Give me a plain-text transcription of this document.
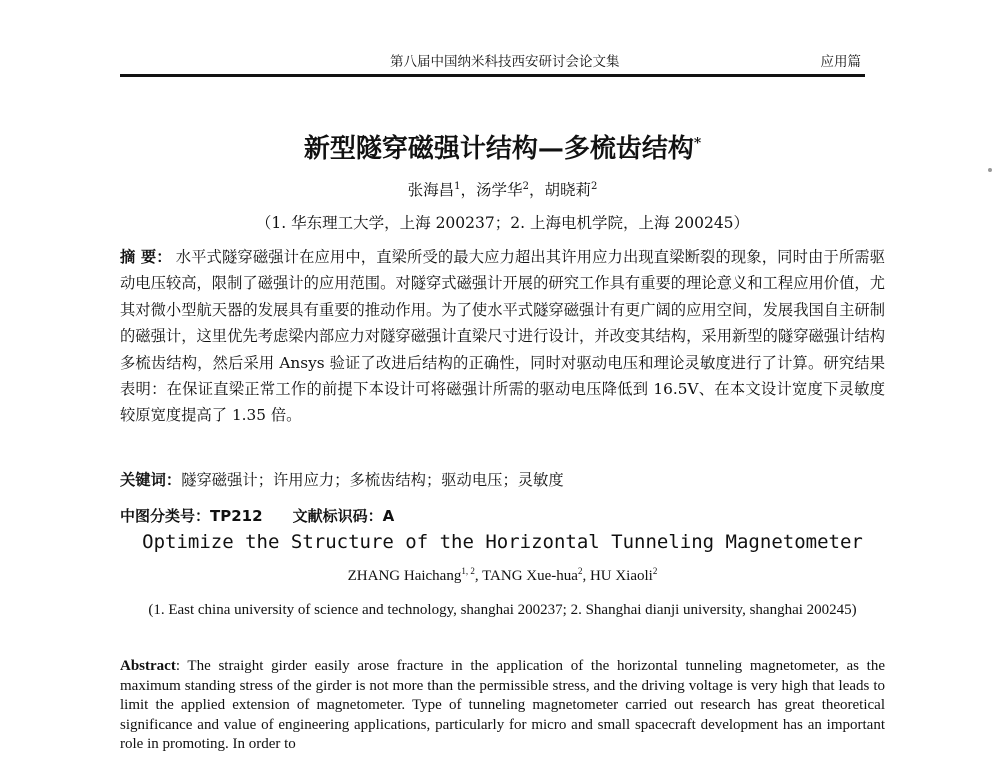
第八届中国纳米科技西安研讨会论文集	应用篇
新型隧穿磁强计结构—多梳齿结构*
张海昌$^1$，汤学华$^2$，胡晓莉$^2$
（1. 华东理工大学，上海 200237；2. 上海电机学院，上海 200245）
摘 要： 水平式隧穿磁强计在应用中，直梁所受的最大应力超出其许用应力出现直梁断裂的现象，同时由于所需驱动电压较高，限制了磁强计的应用范围。对隧穿式磁强计开展的研究工作具有重要的理论意义和工程应用价值，尤其对微小型航天器的发展具有重要的推动作用。为了使水平式隧穿磁强计有更广阔的应用空间，发展我国自主研制的磁强计，这里优先考虑梁内部应力对隧穿磁强计直梁尺寸进行设计，并改变其结构，采用新型的隧穿磁强计结构多梳齿结构，然后采用 Ansys 验证了改进后结构的正确性，同时对驱动电压和理论灵敏度进行了计算。研究结果表明：在保证直梁正常工作的前提下本设计可将磁强计所需的驱动电压降低到 16.5V、在本文设计宽度下灵敏度较原宽度提高了 1.35 倍。
关键词：隧穿磁强计；许用应力；多梳齿结构；驱动电压；灵敏度
中图分类号：TP212 文献标识码：A
Optimize the Structure of the Horizontal Tunneling Magnetometer
ZHANG Haichang$^{1, 2}$, TANG Xue-hua$^2$, HU Xiaoli$^2$
(1. East china university of science and technology, shanghai 200237; 2. Shanghai dianji university, shanghai 200245)
Abstract: The straight girder easily arose fracture in the application of the horizontal tunneling magnetometer, as the maximum standing stress of the girder is not more than the permissible stress, and the driving voltage is very high that leads to limit the applied extension of magnetometer. Type of tunneling magnetometer carried out research has great theoretical significance and value of engineering applications, particularly for micro and small spacecraft development has an important role in promoting. In order to
